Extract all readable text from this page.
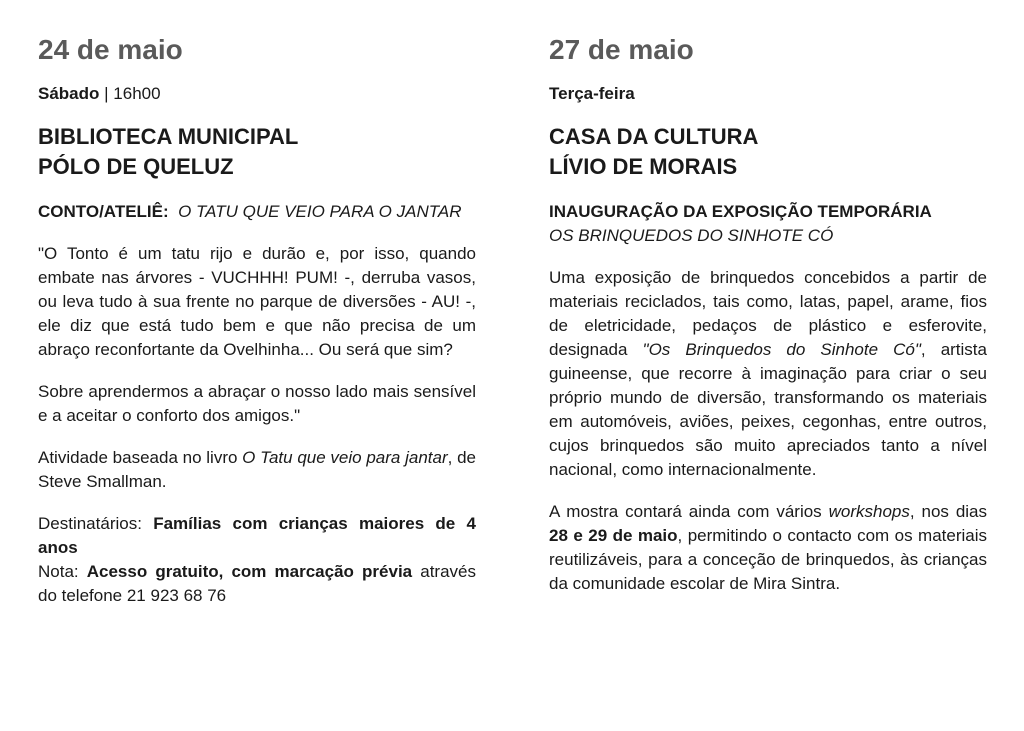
24 de maio
Sábado | 16h00
BIBLIOTECA MUNICIPAL
PÓLO DE QUELUZ
CONTO/ATELIÊ: O TATU QUE VEIO PARA O JANTAR

"O Tonto é um tatu rijo e durão e, por isso, quando embate nas árvores - VUCHHH! PUM! -, derruba vasos, ou leva tudo à sua frente no parque de diversões - AU! -, ele diz que está tudo bem e que não precisa de um abraço reconfortante da Ovelhinha... Ou será que sim?

Sobre aprendermos a abraçar o nosso lado mais sensível e a aceitar o conforto dos amigos."

Atividade baseada no livro O Tatu que veio para jantar, de Steve Smallman.

Destinatários: Famílias com crianças maiores de 4 anos

Nota: Acesso gratuito, com marcação prévia através do telefone 21 923 68 76

27 de maio
Terça-feira
CASA DA CULTURA
LÍVIO DE MORAIS
INAUGURAÇÃO DA EXPOSIÇÃO TEMPORÁRIA
OS BRINQUEDOS DO SINHOTE CÓ

Uma exposição de brinquedos concebidos a partir de materiais reciclados, tais como, latas, papel, arame, fios de eletricidade, pedaços de plástico e esferovite, designada "Os Brinquedos do Sinhote Có", artista guineense, que recorre à imaginação para criar o seu próprio mundo de diversão, transformando os materiais em automóveis, aviões, peixes, cegonhas, entre outros, cujos brinquedos são muito apreciados tanto a nível nacional, como internacionalmente.

A mostra contará ainda com vários workshops, nos dias 28 e 29 de maio, permitindo o contacto com os materiais reutilizáveis, para a conceção de brinquedos, às crianças da comunidade escolar de Mira Sintra.
